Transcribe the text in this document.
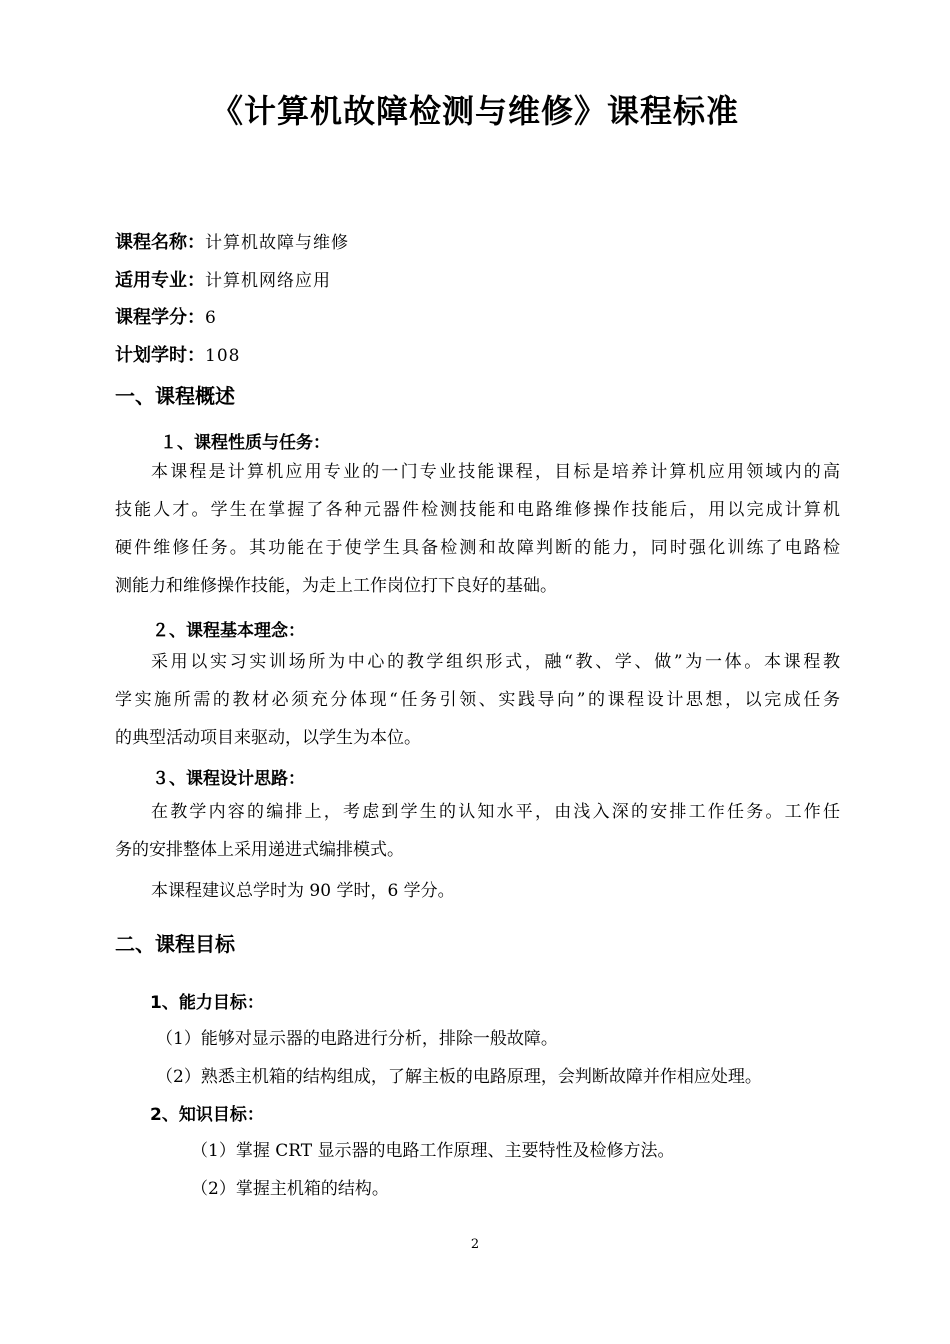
《计算机故障检测与维修》课程标准
课程名称：计算机故障与维修
适用专业：计算机网络应用
课程学分：6
计划学时：108
一、课程概述
１、课程性质与任务：
本课程是计算机应用专业的一门专业技能课程，目标是培养计算机应用领域内的高
技能人才。学生在掌握了各种元器件检测技能和电路维修操作技能后，用以完成计算机
硬件维修任务。其功能在于使学生具备检测和故障判断的能力，同时强化训练了电路检
测能力和维修操作技能，为走上工作岗位打下良好的基础。
２、课程基本理念：
采用以实习实训场所为中心的教学组织形式，融“教、学、做”为一体。本课程教
学实施所需的教材必须充分体现“任务引领、实践导向”的课程设计思想，以完成任务
的典型活动项目来驱动，以学生为本位。
３、课程设计思路：
在教学内容的编排上，考虑到学生的认知水平，由浅入深的安排工作任务。工作任
务的安排整体上采用递进式编排模式。
本课程建议总学时为 90 学时，6 学分。
二、课程目标
1、能力目标：
（1）能够对显示器的电路进行分析，排除一般故障。
（2）熟悉主机箱的结构组成，了解主板的电路原理，会判断故障并作相应处理。
2、知识目标：
（1）掌握 CRT 显示器的电路工作原理、主要特性及检修方法。
（2）掌握主机箱的结构。
2
